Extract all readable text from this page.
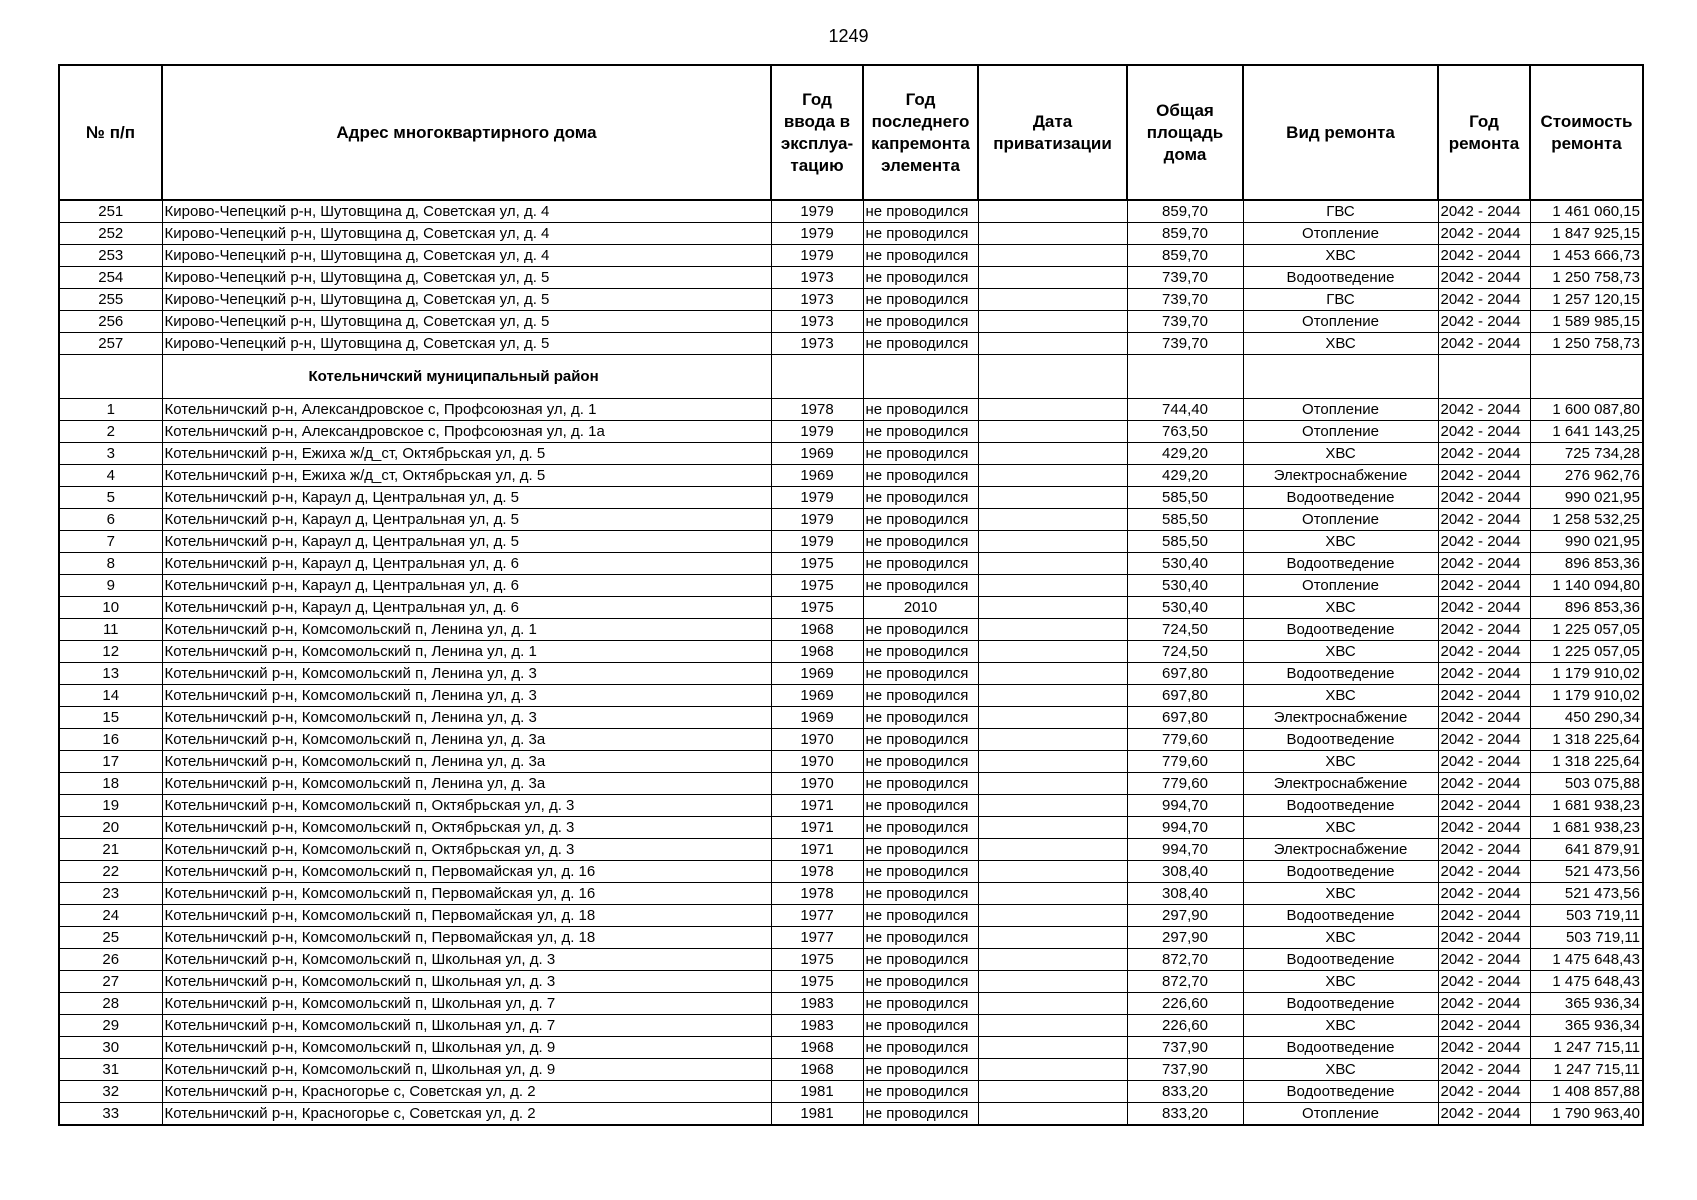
1249
№ п/п	Адрес многоквартирного дома	Год ввода в эксплуа-тацию	Год последнего капремонта элемента	Дата приватизации	Общая площадь дома	Вид ремонта	Год ремонта	Стоимость ремонта
251	Кирово-Чепецкий р-н, Шутовщина д, Советская ул, д. 4	1979	не проводился		859,70	ГВС	2042 - 2044	1 461 060,15
252	Кирово-Чепецкий р-н, Шутовщина д, Советская ул, д. 4	1979	не проводился		859,70	Отопление	2042 - 2044	1 847 925,15
253	Кирово-Чепецкий р-н, Шутовщина д, Советская ул, д. 4	1979	не проводился		859,70	ХВС	2042 - 2044	1 453 666,73
254	Кирово-Чепецкий р-н, Шутовщина д, Советская ул, д. 5	1973	не проводился		739,70	Водоотведение	2042 - 2044	1 250 758,73
255	Кирово-Чепецкий р-н, Шутовщина д, Советская ул, д. 5	1973	не проводился		739,70	ГВС	2042 - 2044	1 257 120,15
256	Кирово-Чепецкий р-н, Шутовщина д, Советская ул, д. 5	1973	не проводился		739,70	Отопление	2042 - 2044	1 589 985,15
257	Кирово-Чепецкий р-н, Шутовщина д, Советская ул, д. 5	1973	не проводился		739,70	ХВС	2042 - 2044	1 250 758,73
	Котельничский муниципальный район							
1	Котельничский р-н, Александровское с, Профсоюзная ул, д. 1	1978	не проводился		744,40	Отопление	2042 - 2044	1 600 087,80
2	Котельничский р-н, Александровское с, Профсоюзная ул, д. 1а	1979	не проводился		763,50	Отопление	2042 - 2044	1 641 143,25
3	Котельничский р-н, Ежиха ж/д_ст, Октябрьская ул, д. 5	1969	не проводился		429,20	ХВС	2042 - 2044	725 734,28
4	Котельничский р-н, Ежиха ж/д_ст, Октябрьская ул, д. 5	1969	не проводился		429,20	Электроснабжение	2042 - 2044	276 962,76
5	Котельничский р-н, Караул д, Центральная ул, д. 5	1979	не проводился		585,50	Водоотведение	2042 - 2044	990 021,95
6	Котельничский р-н, Караул д, Центральная ул, д. 5	1979	не проводился		585,50	Отопление	2042 - 2044	1 258 532,25
7	Котельничский р-н, Караул д, Центральная ул, д. 5	1979	не проводился		585,50	ХВС	2042 - 2044	990 021,95
8	Котельничский р-н, Караул д, Центральная ул, д. 6	1975	не проводился		530,40	Водоотведение	2042 - 2044	896 853,36
9	Котельничский р-н, Караул д, Центральная ул, д. 6	1975	не проводился		530,40	Отопление	2042 - 2044	1 140 094,80
10	Котельничский р-н, Караул д, Центральная ул, д. 6	1975	2010		530,40	ХВС	2042 - 2044	896 853,36
11	Котельничский р-н, Комсомольский п, Ленина ул, д. 1	1968	не проводился		724,50	Водоотведение	2042 - 2044	1 225 057,05
12	Котельничский р-н, Комсомольский п, Ленина ул, д. 1	1968	не проводился		724,50	ХВС	2042 - 2044	1 225 057,05
13	Котельничский р-н, Комсомольский п, Ленина ул, д. 3	1969	не проводился		697,80	Водоотведение	2042 - 2044	1 179 910,02
14	Котельничский р-н, Комсомольский п, Ленина ул, д. 3	1969	не проводился		697,80	ХВС	2042 - 2044	1 179 910,02
15	Котельничский р-н, Комсомольский п, Ленина ул, д. 3	1969	не проводился		697,80	Электроснабжение	2042 - 2044	450 290,34
16	Котельничский р-н, Комсомольский п, Ленина ул, д. 3а	1970	не проводился		779,60	Водоотведение	2042 - 2044	1 318 225,64
17	Котельничский р-н, Комсомольский п, Ленина ул, д. 3а	1970	не проводился		779,60	ХВС	2042 - 2044	1 318 225,64
18	Котельничский р-н, Комсомольский п, Ленина ул, д. 3а	1970	не проводился		779,60	Электроснабжение	2042 - 2044	503 075,88
19	Котельничский р-н, Комсомольский п, Октябрьская ул, д. 3	1971	не проводился		994,70	Водоотведение	2042 - 2044	1 681 938,23
20	Котельничский р-н, Комсомольский п, Октябрьская ул, д. 3	1971	не проводился		994,70	ХВС	2042 - 2044	1 681 938,23
21	Котельничский р-н, Комсомольский п, Октябрьская ул, д. 3	1971	не проводился		994,70	Электроснабжение	2042 - 2044	641 879,91
22	Котельничский р-н, Комсомольский п, Первомайская ул, д. 16	1978	не проводился		308,40	Водоотведение	2042 - 2044	521 473,56
23	Котельничский р-н, Комсомольский п, Первомайская ул, д. 16	1978	не проводился		308,40	ХВС	2042 - 2044	521 473,56
24	Котельничский р-н, Комсомольский п, Первомайская ул, д. 18	1977	не проводился		297,90	Водоотведение	2042 - 2044	503 719,11
25	Котельничский р-н, Комсомольский п, Первомайская ул, д. 18	1977	не проводился		297,90	ХВС	2042 - 2044	503 719,11
26	Котельничский р-н, Комсомольский п, Школьная ул, д. 3	1975	не проводился		872,70	Водоотведение	2042 - 2044	1 475 648,43
27	Котельничский р-н, Комсомольский п, Школьная ул, д. 3	1975	не проводился		872,70	ХВС	2042 - 2044	1 475 648,43
28	Котельничский р-н, Комсомольский п, Школьная ул, д. 7	1983	не проводился		226,60	Водоотведение	2042 - 2044	365 936,34
29	Котельничский р-н, Комсомольский п, Школьная ул, д. 7	1983	не проводился		226,60	ХВС	2042 - 2044	365 936,34
30	Котельничский р-н, Комсомольский п, Школьная ул, д. 9	1968	не проводился		737,90	Водоотведение	2042 - 2044	1 247 715,11
31	Котельничский р-н, Комсомольский п, Школьная ул, д. 9	1968	не проводился		737,90	ХВС	2042 - 2044	1 247 715,11
32	Котельничский р-н, Красногорье с, Советская ул, д. 2	1981	не проводился		833,20	Водоотведение	2042 - 2044	1 408 857,88
33	Котельничский р-н, Красногорье с, Советская ул, д. 2	1981	не проводился		833,20	Отопление	2042 - 2044	1 790 963,40
